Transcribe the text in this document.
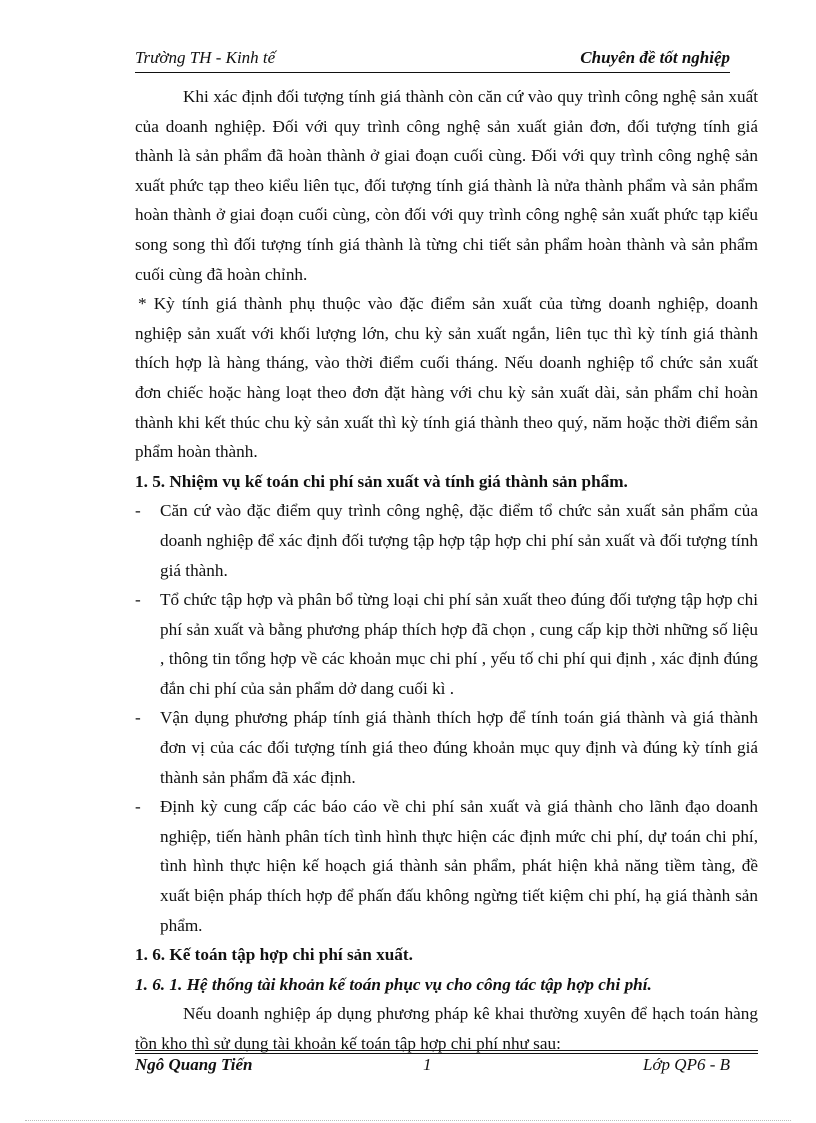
Trường TH - Kinh tế	Chuyên đề tốt nghiệp

Khi xác định đối tượng tính giá thành còn căn cứ vào quy trình công nghệ sản xuất của doanh nghiệp. Đối với quy trình công nghệ sản xuất giản đơn, đối tượng tính giá thành là sản phẩm đã hoàn thành ở giai đoạn cuối cùng. Đối với quy trình công nghệ sản xuất phức tạp theo kiểu liên tục, đối tượng tính giá thành là nửa thành phẩm và sản phẩm hoàn thành ở giai đoạn cuối cùng, còn đối với quy trình công nghệ sản xuất phức tạp kiểu song song thì đối tượng tính giá thành là từng chi tiết sản phẩm hoàn thành và sản phẩm cuối cùng đã hoàn chỉnh.

* Kỳ tính giá thành phụ thuộc vào đặc điểm sản xuất của từng doanh nghiệp, doanh nghiệp sản xuất với khối lượng lớn, chu kỳ sản xuất ngắn, liên tục thì kỳ tính giá thành thích hợp là hàng tháng, vào thời điểm cuối tháng. Nếu doanh nghiệp tổ chức sản xuất đơn chiếc hoặc hàng loạt theo đơn đặt hàng với chu kỳ sản xuất dài, sản phẩm chỉ hoàn thành khi kết thúc chu kỳ sản xuất thì kỳ tính giá thành theo quý, năm hoặc thời điểm sản phẩm hoàn thành.

1. 5. Nhiệm vụ kế toán chi phí sản xuất và tính giá thành sản phẩm.
- Căn cứ vào đặc điểm quy trình công nghệ, đặc điểm tổ chức sản xuất sản phẩm của doanh nghiệp để xác định đối tượng tập hợp tập hợp chi phí sản xuất và đối tượng tính giá thành.
- Tổ chức tập hợp và phân bổ từng loại chi phí sản xuất theo đúng đối tượng tập hợp chi phí sản xuất và bằng phương pháp thích hợp đã chọn , cung cấp kịp thời những số liệu , thông tin tổng hợp về các khoản mục chi phí , yếu tố chi phí qui định , xác định đúng đắn chi phí của sản phẩm dở dang cuối kì .
- Vận dụng phương pháp tính giá thành thích hợp để tính toán giá thành và giá thành đơn vị của các đối tượng tính giá theo đúng khoản mục quy định và đúng kỳ tính giá thành sản phẩm đã xác định.
- Định kỳ cung cấp các báo cáo về chi phí sản xuất và giá thành cho lãnh đạo doanh nghiệp, tiến hành phân tích tình hình thực hiện các định mức chi phí, dự toán chi phí, tình hình thực hiện kế hoạch giá thành sản phẩm, phát hiện khả năng tiềm tàng, đề xuất biện pháp thích hợp để phấn đấu không ngừng tiết kiệm chi phí, hạ giá thành sản phẩm.
1. 6. Kế toán tập hợp chi phí sản xuất.
1. 6. 1. Hệ thống tài khoản kế toán phục vụ cho công tác tập hợp chi phí.

Nếu doanh nghiệp áp dụng phương pháp kê khai thường xuyên để hạch toán hàng tồn kho thì sử dụng tài khoản kế toán tập hợp chi phí như sau:

Ngô Quang Tiến	1	Lớp QP6 - B
